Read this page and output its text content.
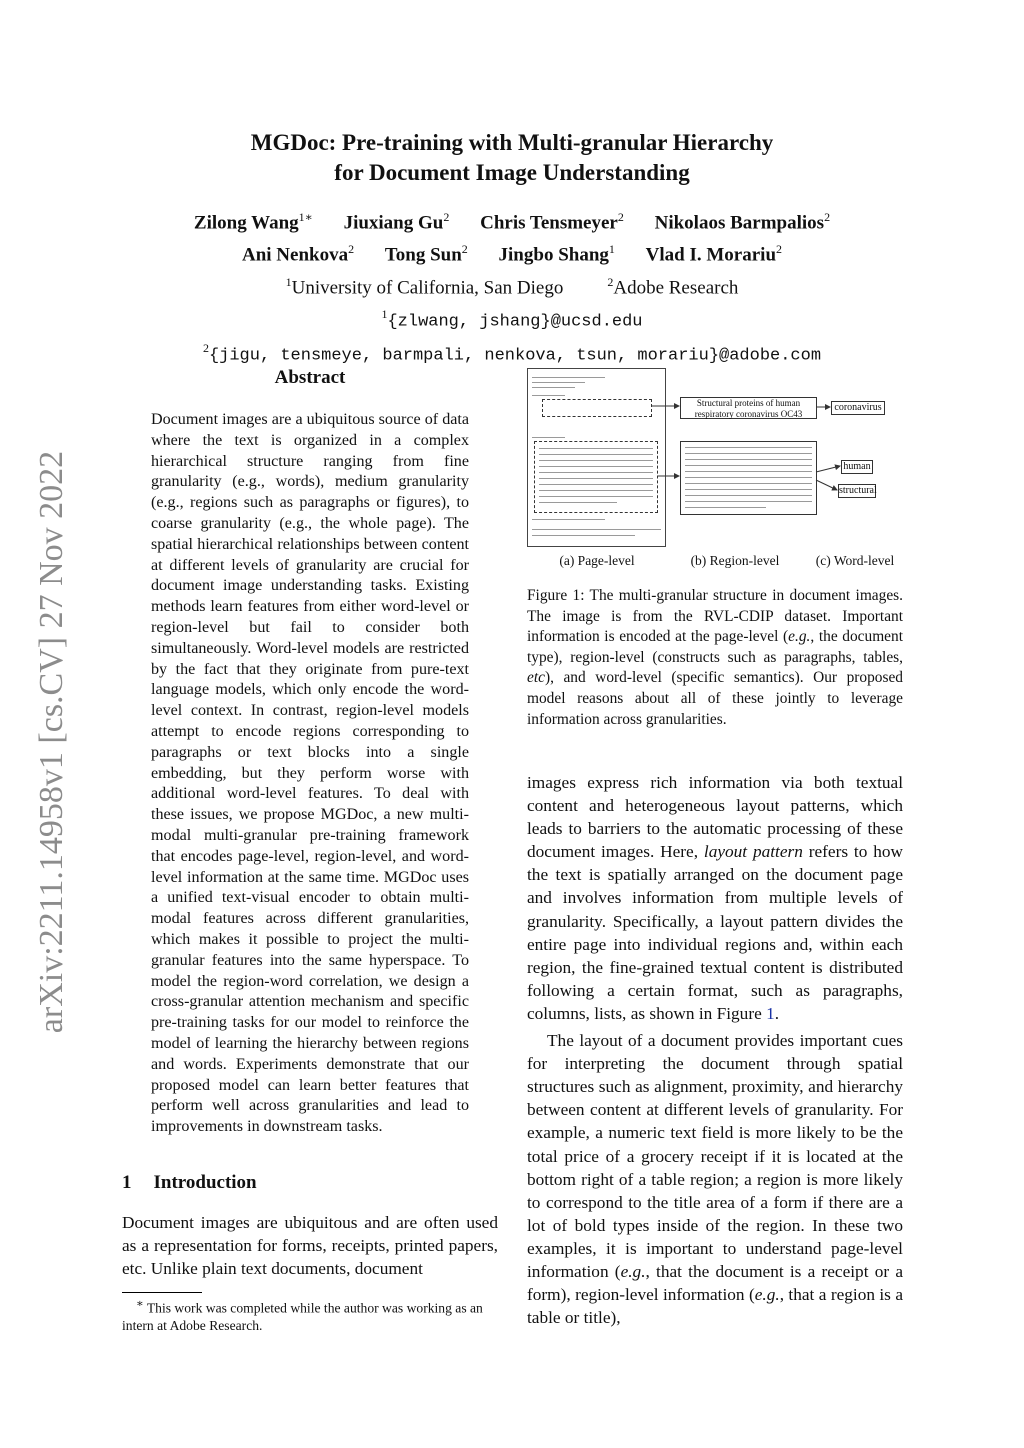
MGDoc: Pre-training with Multi-granular Hierarchy
for Document Image Understanding
Zilong Wang$^{1∗}$ Jiuxiang Gu$^2$ Chris Tensmeyer$^2$ Nikolaos Barmpalios$^2$
Ani Nenkova$^2$ Tong Sun$^2$ Jingbo Shang$^1$ Vlad I. Morariu$^2$
$^1$University of California, San Diego	$^2$Adobe Research
$^1${zlwang, jshang}@ucsd.edu
$^2${jigu, tensmeye, barmpali, nenkova, tsun, morariu}@adobe.com
arXiv:2211.14958v1 [cs.CV] 27 Nov 2022
Abstract
Document images are a ubiquitous source of data where the text is organized in a complex hierarchical structure ranging from fine granularity (e.g., words), medium granularity (e.g., regions such as paragraphs or figures), to coarse granularity (e.g., the whole page). The spatial hierarchical relationships between content at different levels of granularity are crucial for document image understanding tasks. Existing methods learn features from either word-level or region-level but fail to consider both simultaneously. Word-level models are restricted by the fact that they originate from pure-text language models, which only encode the word-level context. In contrast, region-level models attempt to encode regions corresponding to paragraphs or text blocks into a single embedding, but they perform worse with additional word-level features. To deal with these issues, we propose MGDoc, a new multi-modal multi-granular pre-training framework that encodes page-level, region-level, and word-level information at the same time. MGDoc uses a unified text-visual encoder to obtain multi-modal features across different granularities, which makes it possible to project the multi-granular features into the same hyperspace. To model the region-word correlation, we design a cross-granular attention mechanism and specific pre-training tasks for our model to reinforce the model of learning the hierarchy between regions and words. Experiments demonstrate that our proposed model can learn better features that perform well across granularities and lead to improvements in downstream tasks.
1 Introduction
Document images are ubiquitous and are often used as a representation for forms, receipts, printed papers, etc. Unlike plain text documents, document
∗ This work was completed while the author was working as an intern at Adobe Research.
Structural proteins of human respiratory coronavirus OC43
coronavirus
human
structural
(a) Page-level	(b) Region-level	(c) Word-level
Figure 1: The multi-granular structure in document images. The image is from the RVL-CDIP dataset. Important information is encoded at the page-level (e.g., the document type), region-level (constructs such as paragraphs, tables, etc), and word-level (specific semantics). Our proposed model reasons about all of these jointly to leverage information across granularities.

images express rich information via both textual content and heterogeneous layout patterns, which leads to barriers to the automatic processing of these document images. Here, layout pattern refers to how the text is spatially arranged on the document page and involves information from multiple levels of granularity. Specifically, a layout pattern divides the entire page into individual regions and, within each region, the fine-grained textual content is distributed following a certain format, such as paragraphs, columns, lists, as shown in Figure 1.

The layout of a document provides important cues for interpreting the document through spatial structures such as alignment, proximity, and hierarchy between content at different levels of granularity. For example, a numeric text field is more likely to be the total price of a grocery receipt if it is located at the bottom right of a table region; a region is more likely to correspond to the title area of a form if there are a lot of bold types inside of the region. In these two examples, it is important to understand page-level information (e.g., that the document is a receipt or a form), region-level information (e.g., that a region is a table or title),
